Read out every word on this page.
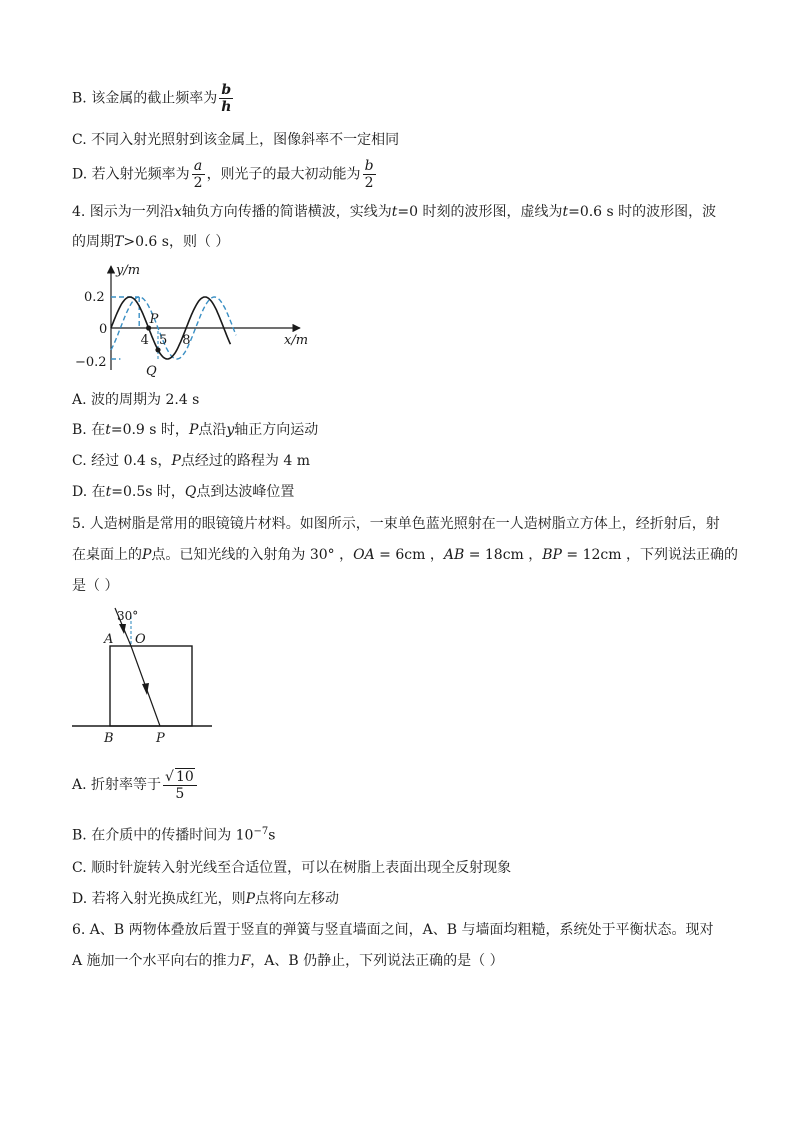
B. 该金属的截止频率为 $\frac{b}{h}$
C. 不同入射光照射到该金属上，图像斜率不一定相同
D. 若入射光频率为 $\frac{a}{2}$ ，则光子的最大初动能为 $\frac{b}{2}$
4. 图示为一列沿x轴负方向传播的简谐横波，实线为t=0 时刻的波形图，虚线为t=0.6 s 时的波形图，波
的周期T>0.6 s，则（ ）
y/m
x/m
0.2
0
−0.2
4 5 8
P
Q
A. 波的周期为 2.4 s
B. 在t=0.9 s 时，P点沿y轴正方向运动
C. 经过 0.4 s，P点经过的路程为 4 m
D. 在t=0.5s 时，Q点到达波峰位置
5. 人造树脂是常用的眼镜镜片材料。如图所示，一束单色蓝光照射在一人造树脂立方体上，经折射后，射
在桌面上的P点。已知光线的入射角为 30° ，OA = 6cm ，AB = 18cm ，BP = 12cm ，下列说法正确的
是（ ）
30°
A O
B	P
A. 折射率等于 $\frac{√ 10}{5}$
B. 在介质中的传播时间为 $10^{-7}s$
C. 顺时针旋转入射光线至合适位置，可以在树脂上表面出现全反射现象
D. 若将入射光换成红光，则P点将向左移动
6. A、B 两物体叠放后置于竖直的弹簧与竖直墙面之间，A、B 与墙面均粗糙，系统处于平衡状态。现对
A 施加一个水平向右的推力F，A、B 仍静止，下列说法正确的是（ ）
